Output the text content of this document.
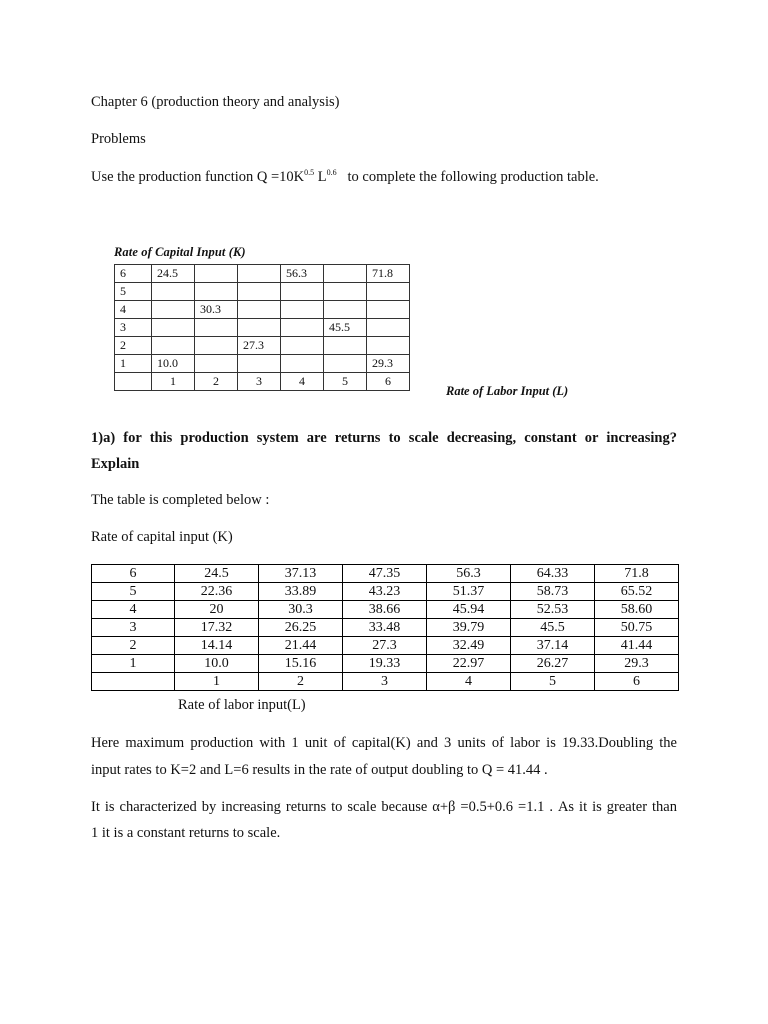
Chapter 6 (production theory and analysis)
Problems
Use the production function $Q =10K^{0.5}$ $L^{0.6}$   to complete the following production table.
Rate of Capital Input (K)
6	24.5			56.3		71.8
5						
4		30.3				
3					45.5	
2			27.3			
1	10.0					29.3
	1	2	3	4	5	6
Rate of Labor Input (L)
1)a) for this production system are returns to scale decreasing, constant or increasing?
Explain
The table is completed below :
Rate of capital input (K)
6	24.5	37.13	47.35	56.3	64.33	71.8
5	22.36	33.89	43.23	51.37	58.73	65.52
4	20	30.3	38.66	45.94	52.53	58.60
3	17.32	26.25	33.48	39.79	45.5	50.75
2	14.14	21.44	27.3	32.49	37.14	41.44
1	10.0	15.16	19.33	22.97	26.27	29.3
	1	2	3	4	5	6
Rate of labor input(L)
Here maximum production with 1 unit of capital(K) and 3 units of labor is 19.33.Doubling the
input rates to K=2 and L=6 results in the rate of output doubling to Q = 41.44 .
It is characterized by increasing returns to scale because α+β =0.5+0.6 =1.1 . As it is greater than
1 it is a constant returns to scale.
